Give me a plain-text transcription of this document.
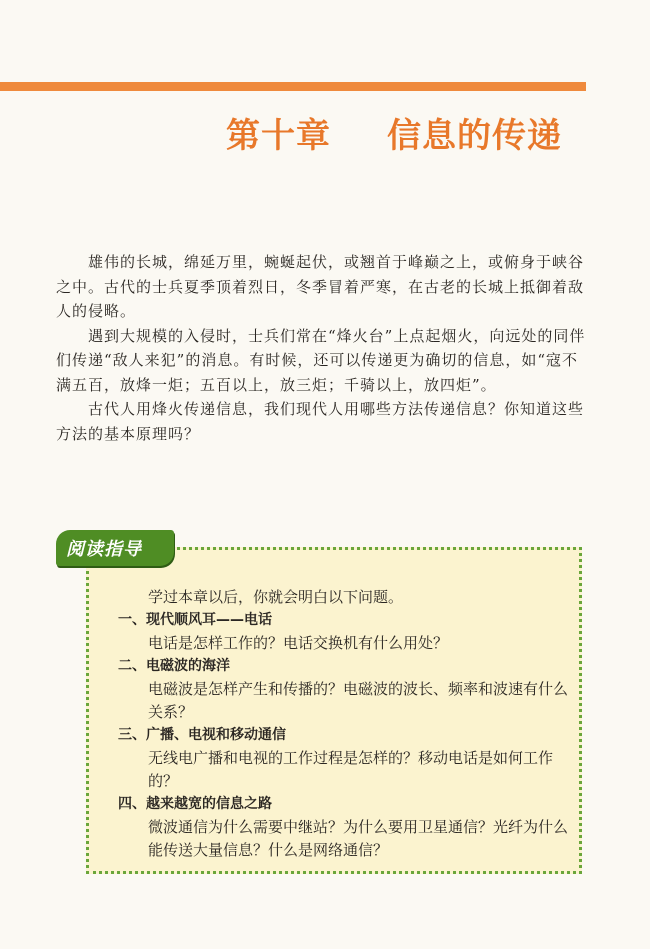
第十章 信息的传递

雄伟的长城，绵延万里，蜿蜒起伏，或翘首于峰巅之上，或俯身于峡谷之中。古代的士兵夏季顶着烈日，冬季冒着严寒，在古老的长城上抵御着敌人的侵略。

遇到大规模的入侵时，士兵们常在“烽火台”上点起烟火，向远处的同伴们传递“敌人来犯”的消息。有时候，还可以传递更为确切的信息，如“寇不满五百，放烽一炬；五百以上，放三炬；千骑以上，放四炬”。

古代人用烽火传递信息，我们现代人用哪些方法传递信息？你知道这些方法的基本原理吗？

阅读指导

学过本章以后，你就会明白以下问题。

一、现代顺风耳——电话
电话是怎样工作的？电话交换机有什么用处？
二、电磁波的海洋
电磁波是怎样产生和传播的？电磁波的波长、频率和波速有什么关系？
三、广播、电视和移动通信
无线电广播和电视的工作过程是怎样的？移动电话是如何工作的？
四、越来越宽的信息之路
微波通信为什么需要中继站？为什么要用卫星通信？光纤为什么能传送大量信息？什么是网络通信？
